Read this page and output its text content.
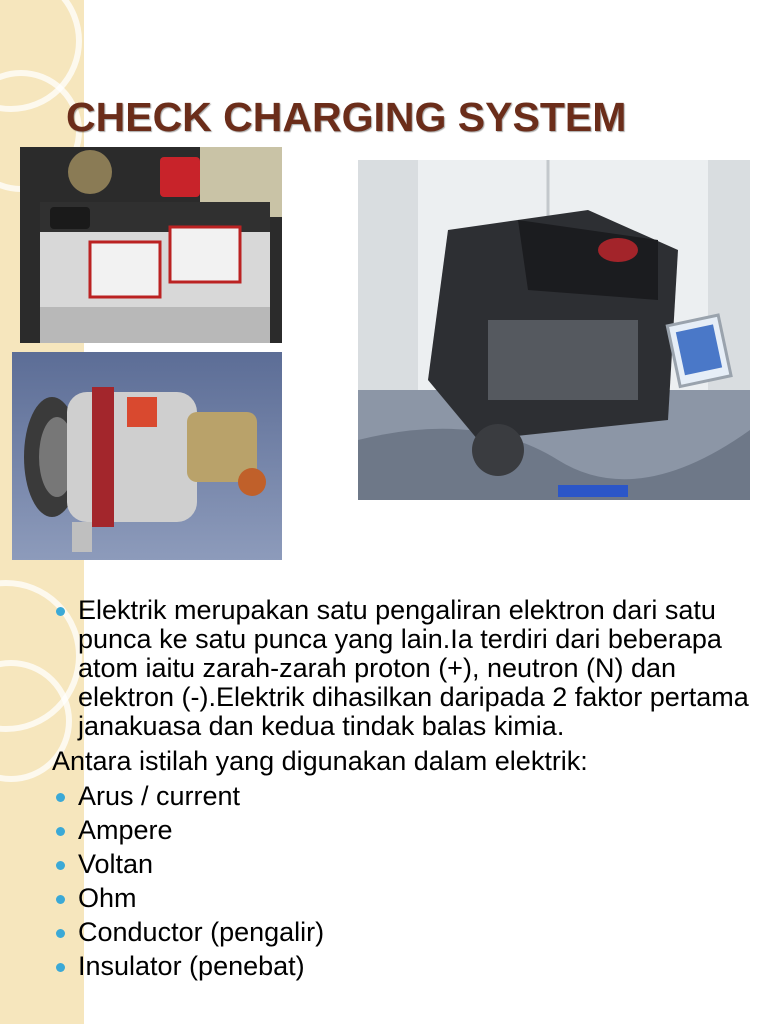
CHECK CHARGING SYSTEM
Elektrik merupakan satu pengaliran elektron dari satu punca ke satu punca yang lain.Ia terdiri dari beberapa atom iaitu zarah-zarah proton (+), neutron (N) dan elektron (-).Elektrik dihasilkan daripada 2 faktor pertama janakuasa dan kedua tindak balas kimia.

Antara istilah yang digunakan dalam elektrik:

Arus / current
Ampere
Voltan
Ohm
Conductor (pengalir)
Insulator (penebat)
